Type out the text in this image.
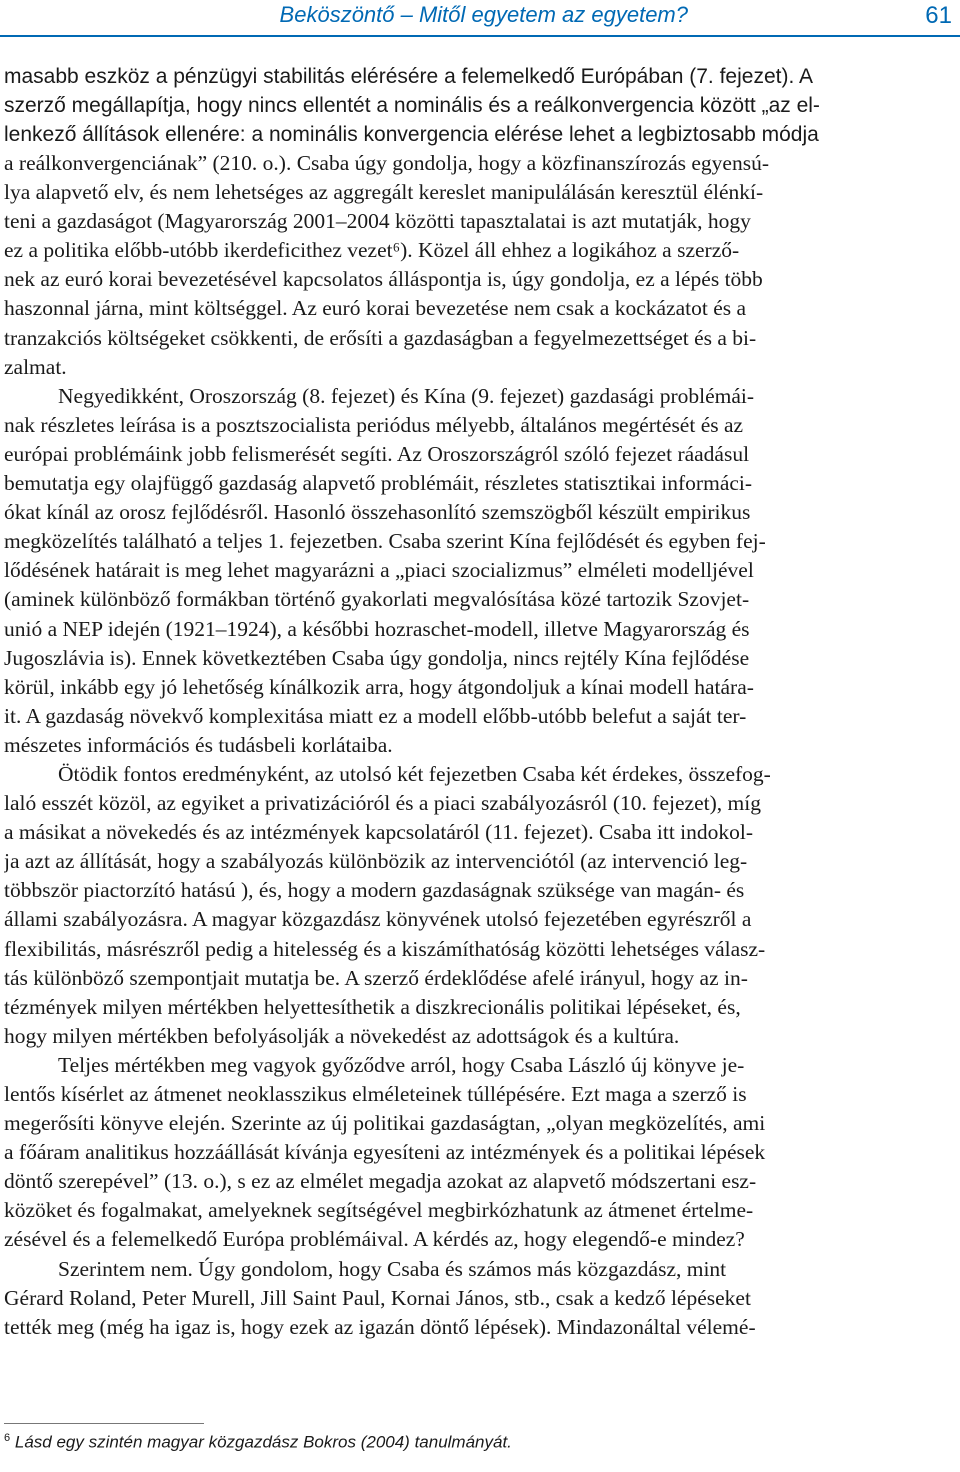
Beköszöntő – Mitől egyetem az egyetem?	61
masabb eszköz a pénzügyi stabilitás elérésére a felemelkedő Európában (7. fejezet). A
szerző megállapítja, hogy nincs ellentét a nominális és a reálkonvergencia között „az el-
lenkező állítások ellenére: a nominális konvergencia elérése lehet a legbiztosabb módja
a reálkonvergenciának” (210. o.). Csaba úgy gondolja, hogy a közfinanszírozás egyensú-
lya alapvető elv, és nem lehetséges az aggregált kereslet manipulálásán keresztül élénkí-
teni a gazdaságot (Magyarország 2001–2004 közötti tapasztalatai is azt mutatják, hogy
ez a politika előbb-utóbb ikerdeficithez vezet⁶). Közel áll ehhez a logikához a szerző-
nek az euró korai bevezetésével kapcsolatos álláspontja is, úgy gondolja, ez a lépés több
haszonnal járna, mint költséggel. Az euró korai bevezetése nem csak a kockázatot és a
tranzakciós költségeket csökkenti, de erősíti a gazdaságban a fegyelmezettséget és a bi-
zalmat.
Negyedikként, Oroszország (8. fejezet) és Kína (9. fejezet) gazdasági problémái-
nak részletes leírása is a posztszocialista periódus mélyebb, általános megértését és az
európai problémáink jobb felismerését segíti. Az Oroszországról szóló fejezet ráadásul
bemutatja egy olajfüggő gazdaság alapvető problémáit, részletes statisztikai informáci-
ókat kínál az orosz fejlődésről. Hasonló összehasonlító szemszögből készült empirikus
megközelítés található a teljes 1. fejezetben. Csaba szerint Kína fejlődését és egyben fej-
lődésének határait is meg lehet magyarázni a „piaci szocializmus” elméleti modelljével
(aminek különböző formákban történő gyakorlati megvalósítása közé tartozik Szovjet-
unió a NEP idején (1921–1924), a későbbi hozraschet-modell, illetve Magyarország és
Jugoszlávia is). Ennek következtében Csaba úgy gondolja, nincs rejtély Kína fejlődése
körül, inkább egy jó lehetőség kínálkozik arra, hogy átgondoljuk a kínai modell határa-
it. A gazdaság növekvő komplexitása miatt ez a modell előbb-utóbb belefut a saját ter-
mészetes információs és tudásbeli korlátaiba.
Ötödik fontos eredményként, az utolsó két fejezetben Csaba két érdekes, összefog-
laló esszét közöl, az egyiket a privatizációról és a piaci szabályozásról (10. fejezet), míg
a másikat a növekedés és az intézmények kapcsolatáról (11. fejezet). Csaba itt indokol-
ja azt az állítását, hogy a szabályozás különbözik az intervenciótól (az intervenció leg-
többször piactorzító hatású ), és, hogy a modern gazdaságnak szüksége van magán- és
állami szabályozásra. A magyar közgazdász könyvének utolsó fejezetében egyrészről a
flexibilitás, másrészről pedig a hitelesség és a kiszámíthatóság közötti lehetséges válasz-
tás különböző szempontjait mutatja be. A szerző érdeklődése afelé irányul, hogy az in-
tézmények milyen mértékben helyettesíthetik a diszkrecionális politikai lépéseket, és,
hogy milyen mértékben befolyásolják a növekedést az adottságok és a kultúra.
Teljes mértékben meg vagyok győződve arról, hogy Csaba László új könyve je-
lentős kísérlet az átmenet neoklasszikus elméleteinek túllépésére. Ezt maga a szerző is
megerősíti könyve elején. Szerinte az új politikai gazdaságtan, „olyan megközelítés, ami
a főáram analitikus hozzáállását kívánja egyesíteni az intézmények és a politikai lépések
döntő szerepével” (13. o.), s ez az elmélet megadja azokat az alapvető módszertani esz-
közöket és fogalmakat, amelyeknek segítségével megbirkózhatunk az átmenet értelme-
zésével és a felemelkedő Európa problémáival. A kérdés az, hogy elegendő-e mindez?
Szerintem nem. Úgy gondolom, hogy Csaba és számos más közgazdász, mint
Gérard Roland, Peter Murell, Jill Saint Paul, Kornai János, stb., csak a kedző lépéseket
tették meg (még ha igaz is, hogy ezek az igazán döntő lépések). Mindazonáltal vélemé-
$^6$ Lásd egy szintén magyar közgazdász Bokros (2004) tanulmányát.
